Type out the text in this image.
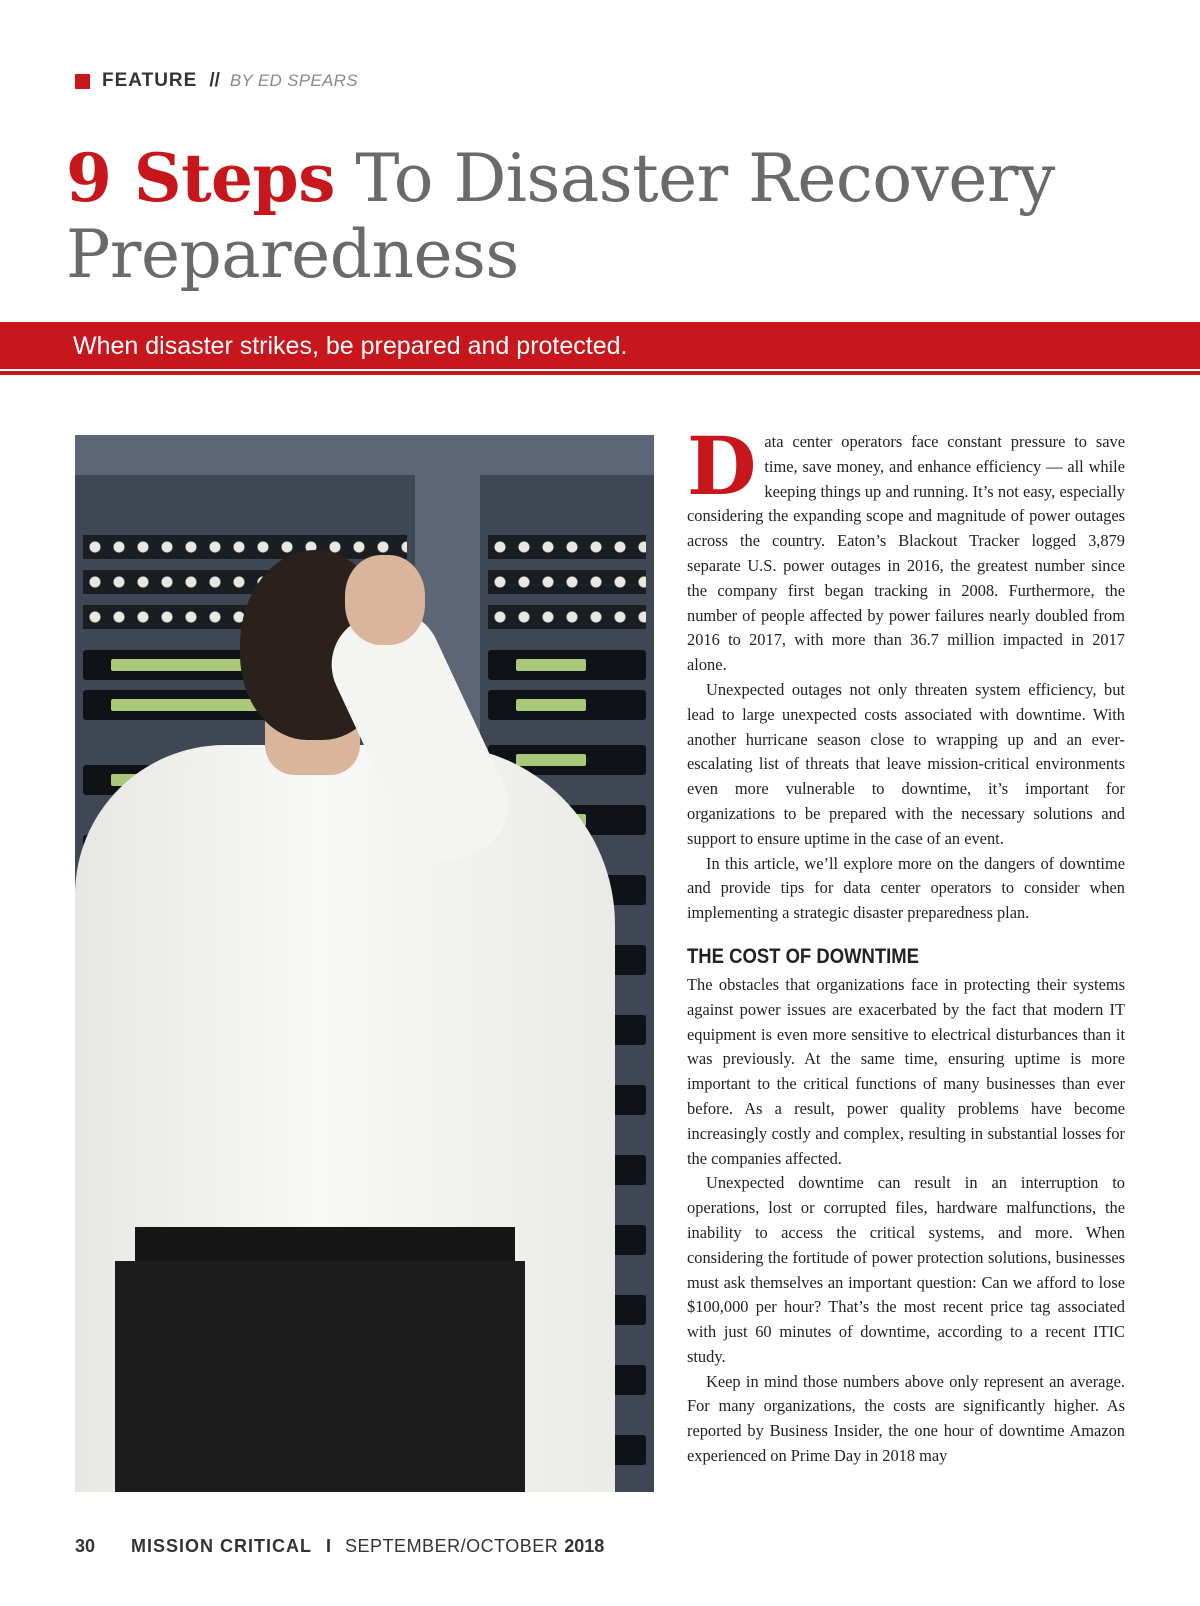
FEATURE // BY ED SPEARS
9 Steps To Disaster Recovery Preparedness
When disaster strikes, be prepared and protected.

Data center operators face constant pressure to save time, save money, and enhance efficiency — all while keeping things up and running. It’s not easy, especially considering the expanding scope and magnitude of power outages across the country. Eaton’s Blackout Tracker logged 3,879 separate U.S. power outages in 2016, the greatest number since the company first began tracking in 2008. Furthermore, the number of people affected by power failures nearly doubled from 2016 to 2017, with more than 36.7 million impacted in 2017 alone.

Unexpected outages not only threaten system efficiency, but lead to large unexpected costs associated with downtime. With another hurricane season close to wrapping up and an ever-escalating list of threats that leave mission-critical environments even more vulnerable to downtime, it’s important for organizations to be prepared with the necessary solutions and support to ensure uptime in the case of an event.

In this article, we’ll explore more on the dangers of downtime and provide tips for data center operators to consider when implementing a strategic disaster preparedness plan.

THE COST OF DOWNTIME

The obstacles that organizations face in protecting their systems against power issues are exacerbated by the fact that modern IT equipment is even more sensitive to electrical disturbances than it was previously. At the same time, ensuring uptime is more important to the critical functions of many businesses than ever before. As a result, power quality problems have become increasingly costly and complex, resulting in substantial losses for the companies affected.

Unexpected downtime can result in an interruption to operations, lost or corrupted files, hardware malfunctions, the inability to access the critical systems, and more. When considering the fortitude of power protection solutions, businesses must ask themselves an important question: Can we afford to lose $100,000 per hour? That’s the most recent price tag associated with just 60 minutes of downtime, according to a recent ITIC study.

Keep in mind those numbers above only represent an average. For many organizations, the costs are significantly higher. As reported by Business Insider, the one hour of downtime Amazon experienced on Prime Day in 2018 may

30 MISSION CRITICAL I SEPTEMBER/OCTOBER 2018
